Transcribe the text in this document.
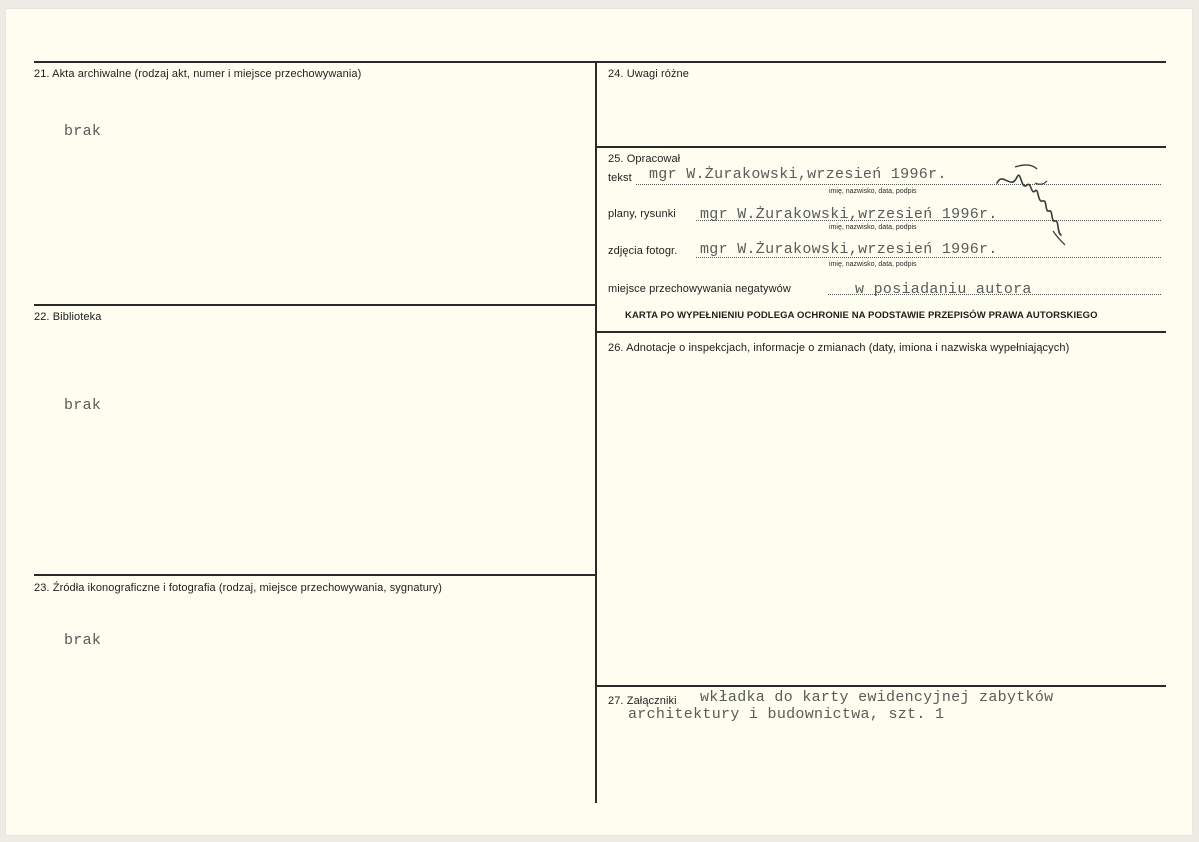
21. Akta archiwalne (rodzaj akt, numer i miejsce przechowywania)
brak
22. Biblioteka
brak
23. Źródła ikonograficzne i fotografia (rodzaj, miejsce przechowywania, sygnatury)
brak
24. Uwagi różne
25. Opracował
tekst mgr W.Żurakowski,wrzesień 1996r.
imię, nazwisko, data, podpis
plany, rysunki mgr W.Żurakowski,wrzesień 1996r.
imię, nazwisko, data, podpis
zdjęcia fotogr. mgr W.Żurakowski,wrzesień 1996r.
imię, nazwisko, data, podpis
miejsce przechowywania negatywów	w posiadaniu autora
KARTA PO WYPEŁNIENIU PODLEGA OCHRONIE NA PODSTAWIE PRZEPISÓW PRAWA AUTORSKIEGO
26. Adnotacje o inspekcjach, informacje o zmianach (daty, imiona i nazwiska wypełniających)
27. Załączniki wkładka do karty ewidencyjnej zabytków
architektury i budownictwa, szt. 1
